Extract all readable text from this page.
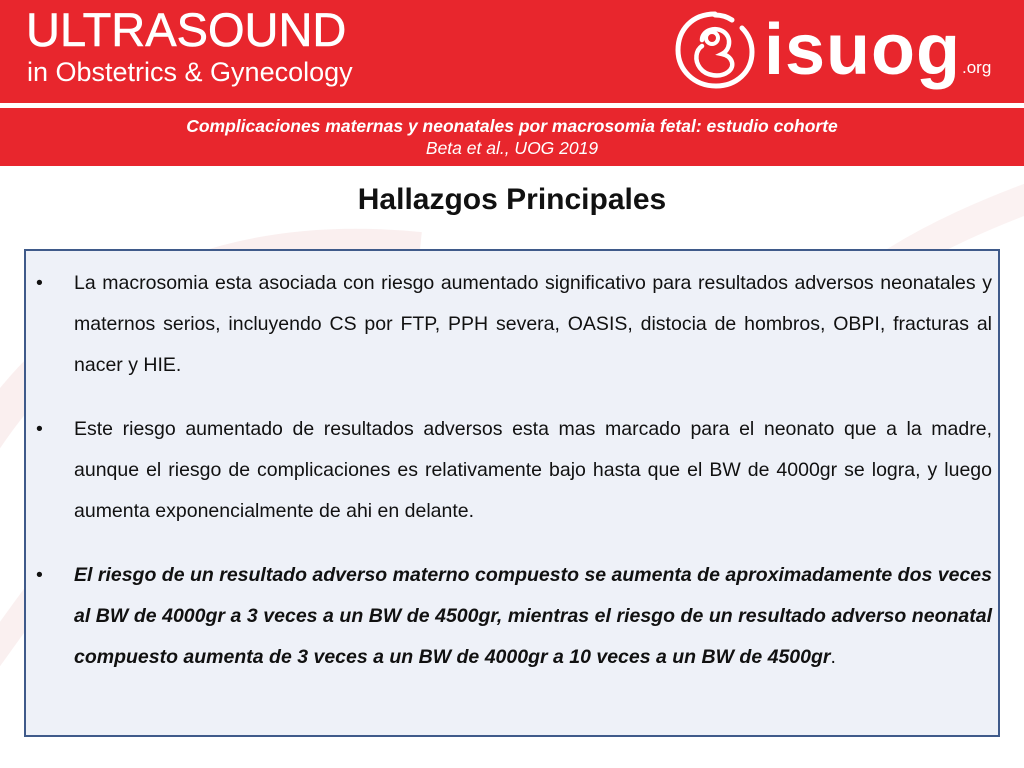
ULTRASOUND
in Obstetrics & Gynecology	isuog .org
Complicaciones maternas y neonatales por macrosomia fetal: estudio cohorte
Beta et al., UOG 2019
Hallazgos Principales
•	La macrosomia esta asociada con riesgo aumentado significativo para resultados adversos neonatales y maternos serios, incluyendo CS por FTP, PPH severa, OASIS, distocia de hombros, OBPI, fracturas al nacer y HIE.
•	Este riesgo aumentado de resultados adversos esta mas marcado para el neonato que a la madre, aunque el riesgo de complicaciones es relativamente bajo hasta que el BW de 4000gr se logra, y luego aumenta exponencialmente de ahi en delante.
•	El riesgo de un resultado adverso materno compuesto se aumenta de aproximadamente dos veces al BW de 4000gr a 3 veces a un BW de 4500gr, mientras el riesgo de un resultado adverso neonatal compuesto aumenta de 3 veces a un BW de 4000gr a 10 veces a un BW de 4500gr.
